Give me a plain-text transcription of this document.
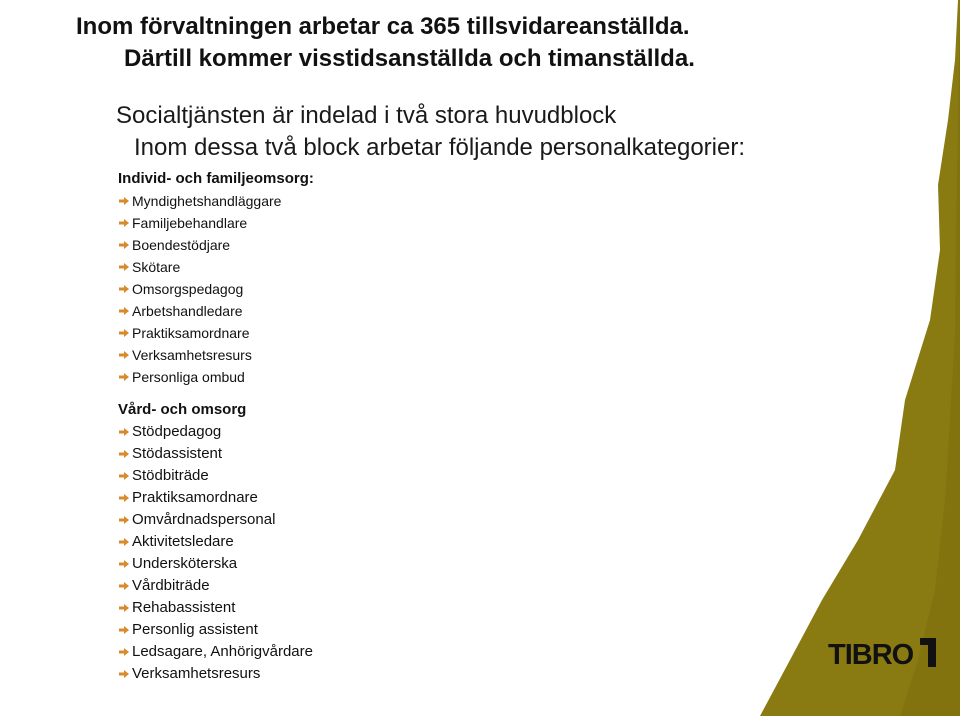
Inom förvaltningen arbetar ca 365 tillsvidareanställda.
Därtill kommer visstidsanställda och timanställda.
Socialtjänsten är indelad i två stora huvudblock
Inom dessa två block arbetar följande personalkategorier:
Individ- och familjeomsorg:
Myndighetshandläggare
Familjebehandlare
Boendestödjare
Skötare
Omsorgspedagog
Arbetshandledare
Praktiksamordnare
Verksamhetsresurs
Personliga ombud
Vård- och omsorg
Stödpedagog
Stödassistent
Stödbiträde
Praktiksamordnare
Omvårdnadspersonal
Aktivitetsledare
Undersköterska
Vårdbiträde
Rehabassistent
Personlig assistent
Ledsagare, Anhörigvårdare
Verksamhetsresurs
TIBRO
